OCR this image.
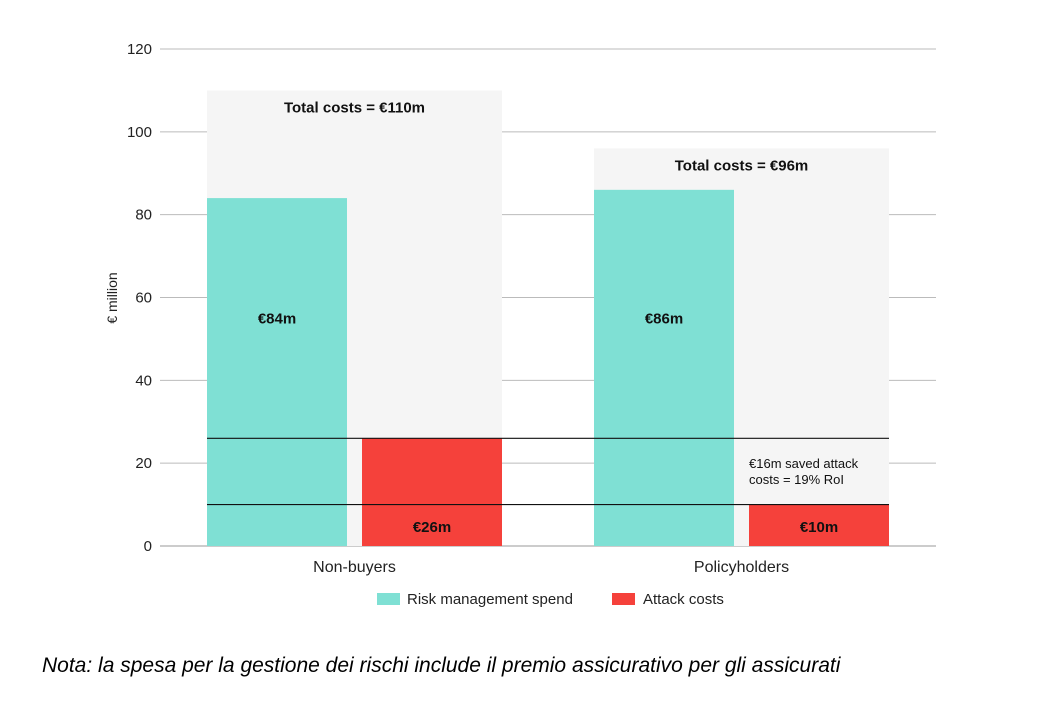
0
20
40
60
80
100
120
Total costs = €110m
€84m
€26m
Non-buyers
Total costs = €96m
€86m
€10m
Policyholders
€16m saved attack
costs = 19% RoI
€ million
Risk management spend	Attack costs
Nota: la spesa per la gestione dei rischi include il premio assicurativo per gli assicurati
